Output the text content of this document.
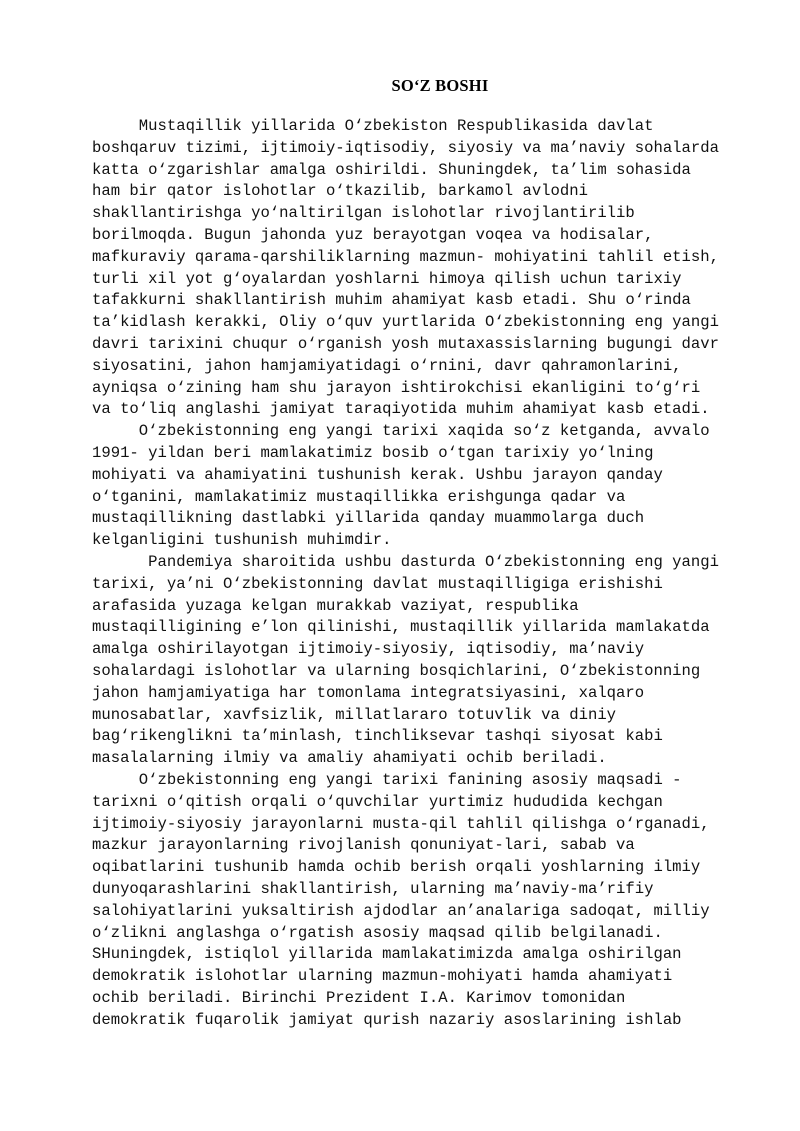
SO‘Z BOSHI
Mustaqillik yillarida O‘zbekiston Respublikasida davlat
boshqaruv tizimi, ijtimoiy-iqtisodiy, siyosiy va ma’naviy sohalarda
katta o‘zgarishlar amalga oshirildi. Shuningdek, ta’lim sohasida
ham bir qator islohotlar o‘tkazilib, barkamol avlodni
shakllantirishga yo‘naltirilgan islohotlar rivojlantirilib
borilmoqda. Bugun jahonda yuz berayotgan voqea va hodisalar,
mafkuraviy qarama-qarshiliklarning mazmun- mohiyatini tahlil etish,
turli xil yot g‘oyalardan yoshlarni himoya qilish uchun tarixiy
tafakkurni shakllantirish muhim ahamiyat kasb etadi. Shu o‘rinda
ta’kidlash kerakki, Oliy o‘quv yurtlarida O‘zbekistonning eng yangi
davri tarixini chuqur o‘rganish yosh mutaxassislarning bugungi davr
siyosatini, jahon hamjamiyatidagi o‘rnini, davr qahramonlarini,
ayniqsa o‘zining ham shu jarayon ishtirokchisi ekanligini to‘g‘ri
va to‘liq anglashi jamiyat taraqiyotida muhim ahamiyat kasb etadi.
O‘zbekistonning eng yangi tarixi xaqida so‘z ketganda, avvalo
1991- yildan beri mamlakatimiz bosib o‘tgan tarixiy yo‘lning
mohiyati va ahamiyatini tushunish kerak. Ushbu jarayon qanday
o‘tganini, mamlakatimiz mustaqillikka erishgunga qadar va
mustaqillikning dastlabki yillarida qanday muammolarga duch
kelganligini tushunish muhimdir.
Pandemiya sharoitida ushbu dasturda O‘zbekistonning eng yangi
tarixi, ya’ni O‘zbekistonning davlat mustaqilligiga erishishi
arafasida yuzaga kelgan murakkab vaziyat, respublika
mustaqilligining e’lon qilinishi, mustaqillik yillarida mamlakatda
amalga oshirilayotgan ijtimoiy-siyosiy, iqtisodiy, ma’naviy
sohalardagi islohotlar va ularning bosqichlarini, O‘zbekistonning
jahon hamjamiyatiga har tomonlama integratsiyasini, xalqaro
munosabatlar, xavfsizlik, millatlararo totuvlik va diniy
bag‘rikenglikni ta’minlash, tinchliksevar tashqi siyosat kabi
masalalarning ilmiy va amaliy ahamiyati ochib beriladi.
O‘zbekistonning eng yangi tarixi fanining asosiy maqsadi -
tarixni o‘qitish orqali o‘quvchilar yurtimiz hududida kechgan
ijtimoiy-siyosiy jarayonlarni musta-qil tahlil qilishga o‘rganadi,
mazkur jarayonlarning rivojlanish qonuniyat-lari, sabab va
oqibatlarini tushunib hamda ochib berish orqali yoshlarning ilmiy
dunyoqarashlarini shakllantirish, ularning ma’naviy-ma’rifiy
salohiyatlarini yuksaltirish ajdodlar an’analariga sadoqat, milliy
o‘zlikni anglashga o‘rgatish asosiy maqsad qilib belgilanadi.
SHuningdek, istiqlol yillarida mamlakatimizda amalga oshirilgan
demokratik islohotlar ularning mazmun-mohiyati hamda ahamiyati
ochib beriladi. Birinchi Prezident I.A. Karimov tomonidan
demokratik fuqarolik jamiyat qurish nazariy asoslarining ishlab
